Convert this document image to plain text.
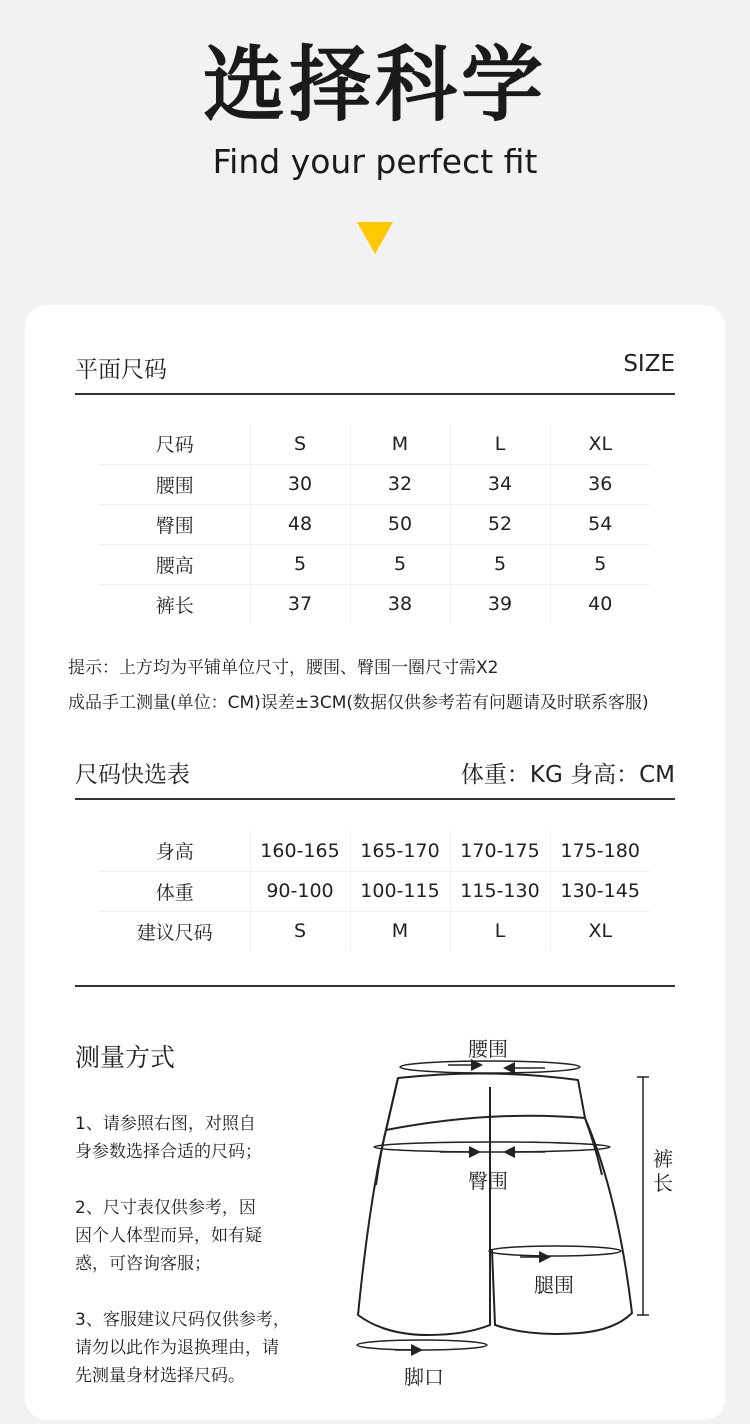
选择科学
Find your perfect fit
平面尺码	SIZE
尺码	S	M	L	XL
腰围	30	32	34	36
臀围	48	50	52	54
腰高	5	5	5	5
裤长	37	38	39	40
提示：上方均为平铺单位尺寸，腰围、臀围一圈尺寸需X2
成品手工测量(单位：CM)误差±3CM(数据仅供参考若有问题请及时联系客服)
尺码快选表	体重：KG 身高：CM
身高	160-165	165-170	170-175	175-180
体重	90-100	100-115	115-130	130-145
建议尺码	S	M	L	XL
测量方式
1、请参照右图，对照自
身参数选择合适的尺码；
2、尺寸表仅供参考，因
因个人体型而异，如有疑
惑，可咨询客服；
3、客服建议尺码仅供参考，
请勿以此作为退换理由，请
先测量身材选择尺码。
腰围
臀围
腿围
脚口
裤
长
